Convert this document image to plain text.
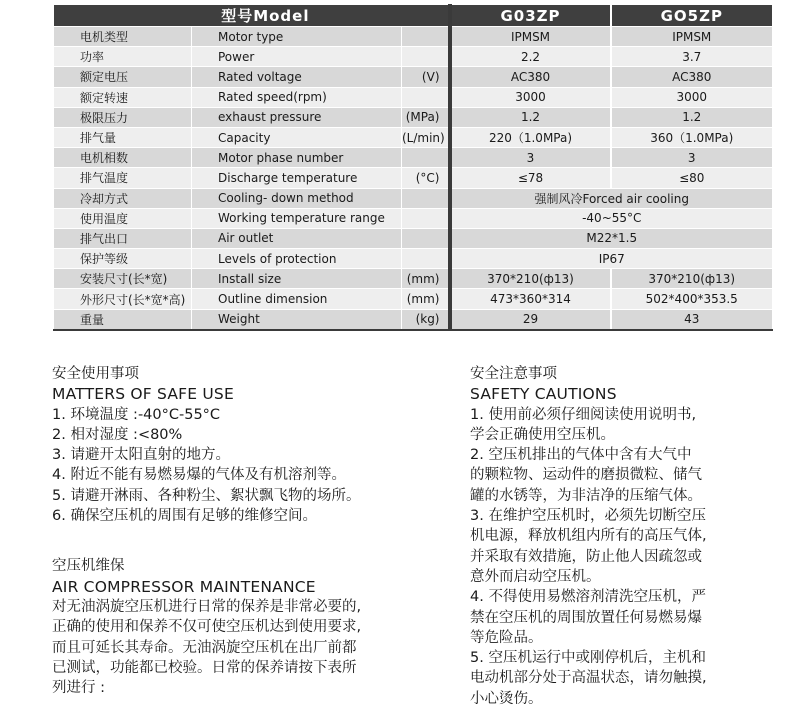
型号Model			G03ZP	GO5ZP
电机类型	Motor type		IPMSM	IPMSM
功率	Power		2.2	3.7
额定电压	Rated voltage	(V)	AC380	AC380
额定转速	Rated speed(rpm)		3000	3000
极限压力	exhaust pressure	(MPa)	1.2	1.2
排气量	Capacity	(L/min)	220（1.0MPa)	360（1.0MPa)
电机相数	Motor phase number		3	3
排气温度	Discharge temperature	(°C)	≤78	≤80
冷却方式	Cooling- down method		强制风冷Forced air cooling	
使用温度	Working temperature range		-40~55°C	
排气出口	Air outlet		M22*1.5	
保护等级	Levels of protection		IP67	
安装尺寸(长*宽)	Install size	(mm)	370*210(ф13)	370*210(ф13)
外形尺寸(长*宽*高)	Outline dimension	(mm)	473*360*314	502*400*353.5
重量	Weight	(kg)	29	43

安全使用事项

MATTERS OF SAFE USE

1. 环境温度 :-40°C-55°C

2. 相对湿度 :<80%

3. 请避开太阳直射的地方。

4. 附近不能有易燃易爆的气体及有机溶剂等。

5. 请避开淋雨、各种粉尘、絮状飘飞物的场所。

6. 确保空压机的周围有足够的维修空间。

空压机维保

AIR COMPRESSOR MAINTENANCE

对无油涡旋空压机进行日常的保养是非常必要的,

正确的使用和保养不仅可使空压机达到使用要求,

而且可延长其寿命。无油涡旋空压机在出厂前都

已测试，功能都已校验。日常的保养请按下表所

列进行 :

安全注意事项

SAFETY CAUTIONS

1. 使用前必须仔细阅读使用说明书,

学会正确使用空压机。

2. 空压机排出的气体中含有大气中

的颗粒物、运动件的磨损微粒、储气

罐的水锈等，为非洁净的压缩气体。

3. 在维护空压机时，必须先切断空压

机电源，释放机组内所有的高压气体,

并采取有效措施，防止他人因疏忽或

意外而启动空压机。

4. 不得使用易燃溶剂清洗空压机，严

禁在空压机的周围放置任何易燃易爆

等危险品。

5. 空压机运行中或刚停机后，主机和

电动机部分处于高温状态，请勿触摸,

小心烫伤。
